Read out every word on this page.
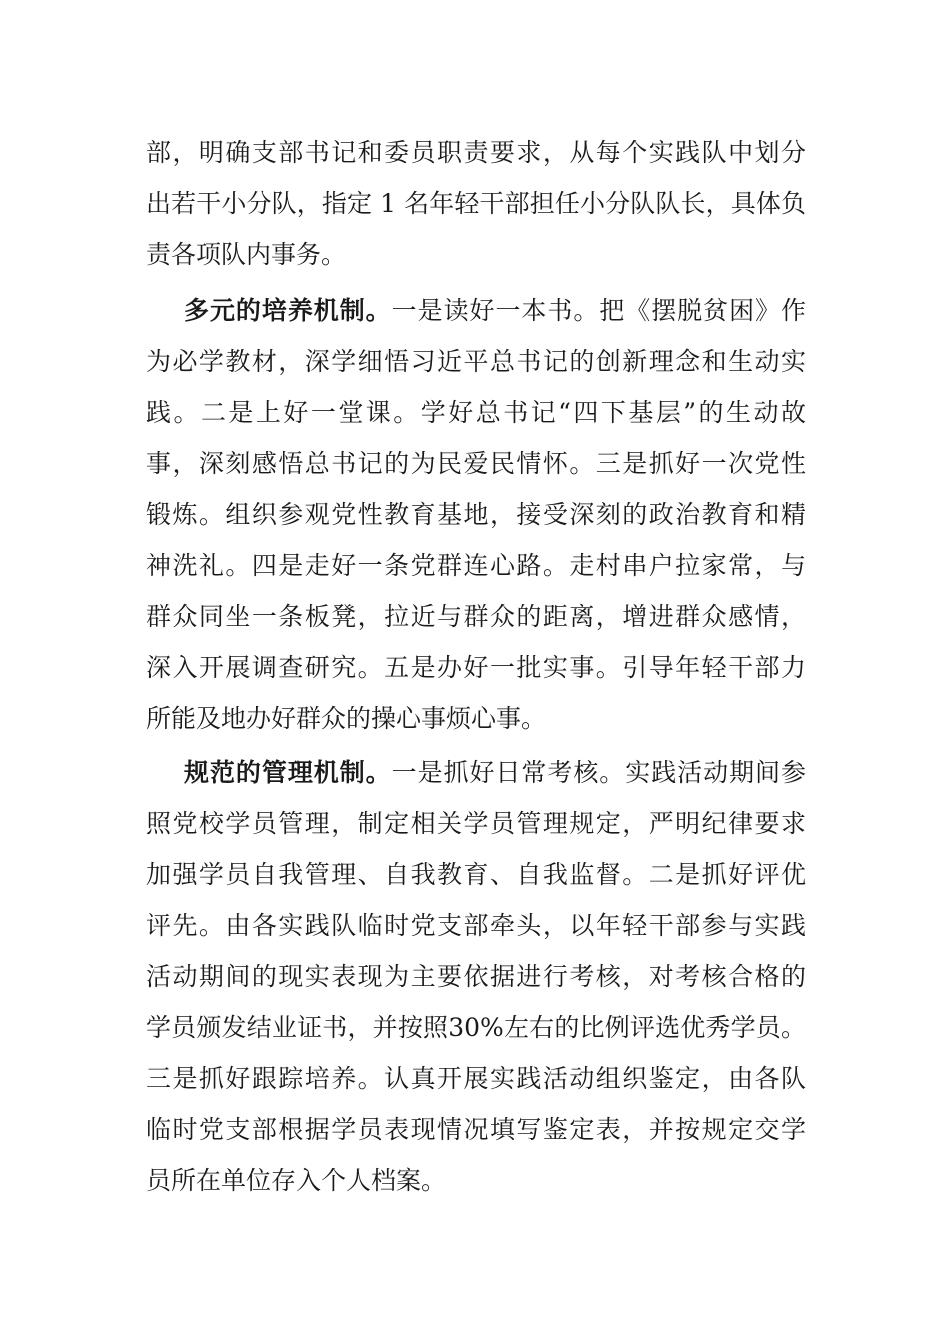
部，明确支部书记和委员职责要求，从每个实践队中划分
出若干小分队，指定 1 名年轻干部担任小分队队长，具体负
责各项队内事务。
多元的培养机制。一是读好一本书。把《摆脱贫困》作
为必学教材，深学细悟习近平总书记的创新理念和生动实
践。二是上好一堂课。学好总书记“四下基层”的生动故
事，深刻感悟总书记的为民爱民情怀。三是抓好一次党性
锻炼。组织参观党性教育基地，接受深刻的政治教育和精
神洗礼。四是走好一条党群连心路。走村串户拉家常，与
群众同坐一条板凳，拉近与群众的距离，增进群众感情，
深入开展调查研究。五是办好一批实事。引导年轻干部力
所能及地办好群众的操心事烦心事。
规范的管理机制。一是抓好日常考核。实践活动期间参
照党校学员管理，制定相关学员管理规定，严明纪律要求
加强学员自我管理、自我教育、自我监督。二是抓好评优
评先。由各实践队临时党支部牵头，以年轻干部参与实践
活动期间的现实表现为主要依据进行考核，对考核合格的
学员颁发结业证书，并按照30%左右的比例评选优秀学员。
三是抓好跟踪培养。认真开展实践活动组织鉴定，由各队
临时党支部根据学员表现情况填写鉴定表，并按规定交学
员所在单位存入个人档案。
